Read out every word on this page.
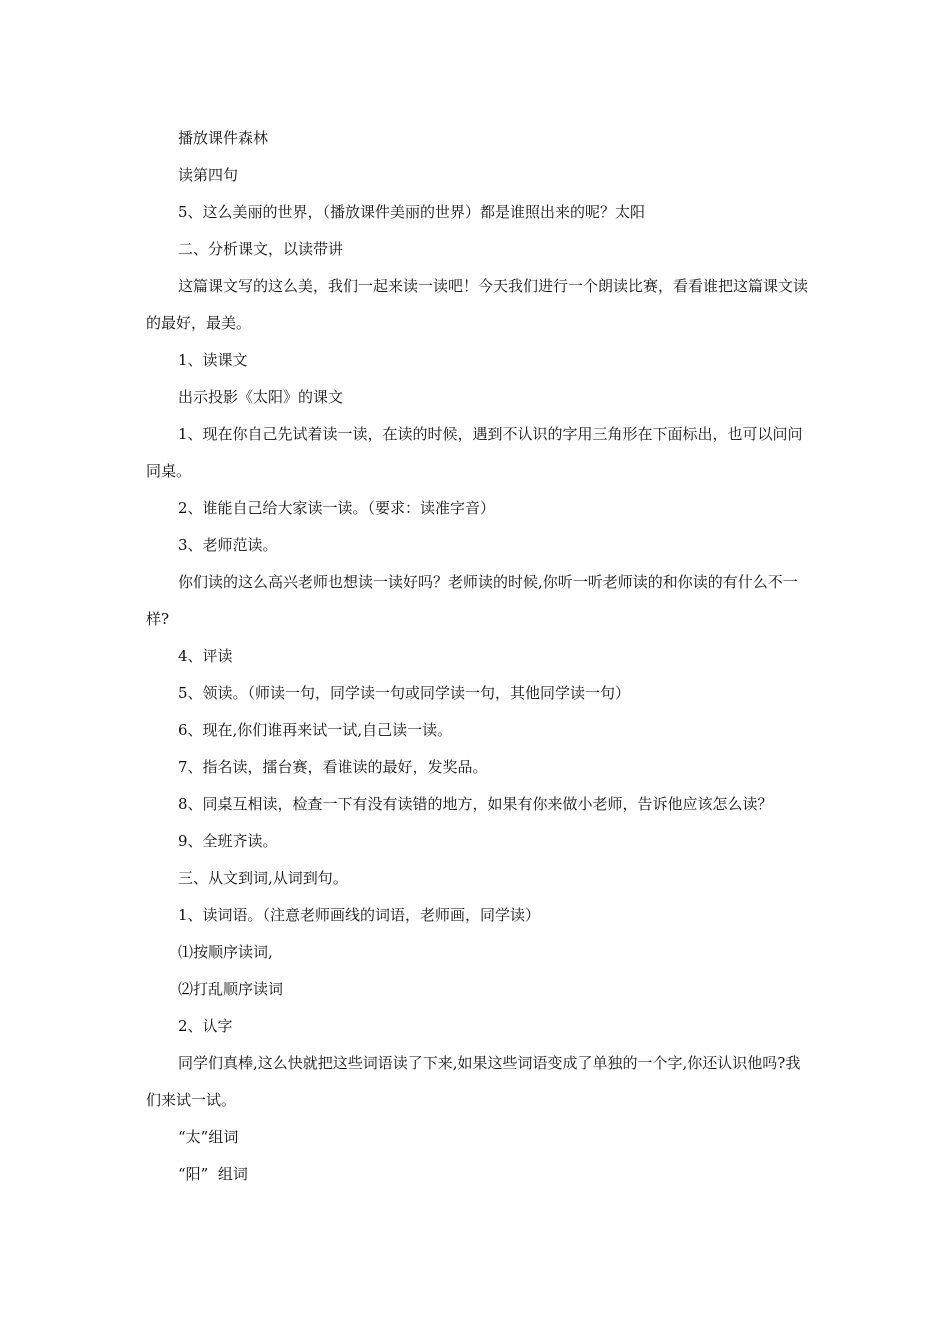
播放课件森林

读第四句

5、这么美丽的世界，（播放课件美丽的世界）都是谁照出来的呢？太阳

二、分析课文，以读带讲

这篇课文写的这么美，我们一起来读一读吧！今天我们进行一个朗读比赛，看看谁把这篇课文读的最好，最美。

1、读课文

出示投影《太阳》的课文

1、现在你自己先试着读一读，在读的时候，遇到不认识的字用三角形在下面标出，也可以问问同桌。

2、谁能自己给大家读一读。（要求：读准字音）

3、老师范读。

你们读的这么高兴老师也想读一读好吗？老师读的时候,你听一听老师读的和你读的有什么不一样?

4、评读

5、领读。（师读一句，同学读一句或同学读一句，其他同学读一句）

6、现在,你们谁再来试一试,自己读一读。

7、指名读，擂台赛，看谁读的最好，发奖品。

8、同桌互相读，检查一下有没有读错的地方，如果有你来做小老师，告诉他应该怎么读？

9、全班齐读。

三、从文到词,从词到句。

1、读词语。（注意老师画线的词语，老师画，同学读）

⑴按顺序读词,

⑵打乱顺序读词

2、认字

同学们真棒,这么快就把这些词语读了下来,如果这些词语变成了单独的一个字,你还认识他吗?我们来试一试。

“太”组词

“阳”  组词
